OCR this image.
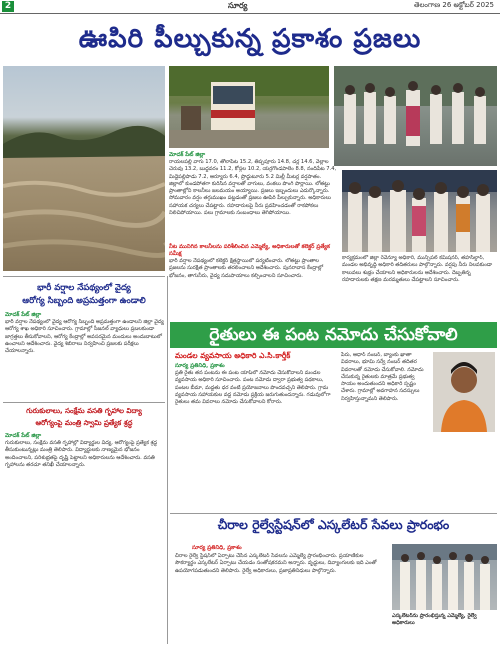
2	సూర్య	తెలంగాణ 26 అక్టోబర్ 2025
ఊపిరి పీల్చుకున్న ప్రకాశం ప్రజలు
మోదక్ పేట్ జిల్లా
రాయలపల్లి వాగు 17.0, తోలాపేట 15.2, తిప్పపూరు 14.8, చర్ల 14.6, వెల్లాల చెరువు 13.2, బుద్దవరం 11.2, కోస్గల 10.2, యర్రగొండపాలెం 8.8, నందిపేట 7.4, మిద్దెపల్లిపాడు 7.2, ఆర్యూరు 6.4, ప్రొద్దుటూరు 5.2 మిల్లీ మీటర్ల వర్షపాతం. జిల్లాలో కుండపోతగా కురిసిన వర్షాలతో వాగులు, వంకలు పొంగి పొర్లాయి. లోతట్టు ప్రాంతాల్లోని కాలనీలు జలమయం అయ్యాయి. ప్రజలు ఇబ్బందులు ఎదుర్కొన్నారు. సోమవారం వర్షం తగ్గుముఖం పట్టడంతో ప్రజలు ఊపిరి పీల్చుకున్నారు. అధికారులు సహాయక చర్యలు చేపట్టారు. రహదారులపై నీరు ప్రవహించడంతో రాకపోకలు నిలిచిపోయాయి. పలు గ్రామాలకు సంబంధాలు తెగిపోయాయి.
నీట మునిగిన కాలనీలను పరిశీలించిన ఎమ్మెల్యే, అధికారులతో కలెక్టర్ ప్రత్యేక సమీక్ష
భారీ వర్షాల నేపథ్యంలో కలెక్టర్ క్షేత్రస్థాయిలో పర్యటించారు. లోతట్టు ప్రాంతాల ప్రజలను సురక్షిత ప్రాంతాలకు తరలించాలని ఆదేశించారు. పునరావాస కేంద్రాల్లో భోజనం, తాగునీరు, వైద్య సదుపాయాలు కల్పించాలని సూచించారు.
కార్యక్రమంలో జిల్లా రెవెన్యూ అధికారి, మున్సిపల్ కమిషనర్, తహసీల్దార్, మండల అభివృద్ధి అధికారి తదితరులు పాల్గొన్నారు. వర్షపు నీరు నిలవకుండా కాలువలు శుభ్రం చేయాలని అధికారులను ఆదేశించారు. దెబ్బతిన్న రహదారులకు తక్షణ మరమ్మతులు చేపట్టాలని సూచించారు.
భారీ వర్షాల నేపథ్యంలో వైద్య
ఆరోగ్య సిబ్బంది అప్రమత్తంగా ఉండాలి
మోదక్ పేట్ జిల్లా
భారీ వర్షాల నేపథ్యంలో వైద్య ఆరోగ్య సిబ్బంది అప్రమత్తంగా ఉండాలని జిల్లా వైద్య ఆరోగ్య శాఖ అధికారి సూచించారు. గ్రామాల్లో సీజనల్ వ్యాధులు ప్రబలకుండా జాగ్రత్తలు తీసుకోవాలని, ఆరోగ్య కేంద్రాల్లో అవసరమైన మందులు అందుబాటులో ఉంచాలని ఆదేశించారు. వైద్య శిబిరాలు నిర్వహించి ప్రజలకు పరీక్షలు చేయాలన్నారు.
గురుకులాలు, సంక్షేమ వసతి గృహాల విద్యా
ఆరోగ్యంపై మంత్రి స్వామి ప్రత్యేక శ్రద్ధ
మోదక్ పేట్ జిల్లా
గురుకులాలు, సంక్షేమ వసతి గృహాల్లో విద్యార్థుల విద్య, ఆరోగ్యంపై ప్రత్యేక శ్రద్ధ తీసుకుంటున్నట్లు మంత్రి తెలిపారు. విద్యార్థులకు నాణ్యమైన భోజనం అందించాలని, పరిశుభ్రతపై దృష్టి పెట్టాలని అధికారులను ఆదేశించారు. వసతి గృహాలను తరచూ తనిఖీ చేయాలన్నారు.
రైతులు ఈ పంట నమోదు చేసుకోవాలి
మండల వ్యవసాయ అధికారి ఎ.సి.కార్తీక్
సూర్య ప్రతినిధి, ప్రకాశం
ప్రతి రైతు తన పంటను ఈ పంట యాప్‌లో నమోదు చేసుకోవాలని మండల వ్యవసాయ అధికారి సూచించారు. పంట నమోదు ద్వారా ప్రభుత్వ పథకాలు, పంటల బీమా, మద్దతు ధర వంటి ప్రయోజనాలు పొందవచ్చని తెలిపారు. గ్రామ వ్యవసాయ సహాయకుల వద్ద నమోదు ప్రక్రియ జరుగుతుందన్నారు. గడువులోగా రైతులు తమ వివరాలు నమోదు చేసుకోవాలని కోరారు.
పేరు, ఆధార్ నంబర్, బ్యాంకు ఖాతా వివరాలు, భూమి సర్వే నంబర్ తదితర వివరాలతో నమోదు చేసుకోవాలి. నమోదు చేసుకున్న రైతులకు మాత్రమే ప్రభుత్వ సాయం అందుతుందని అధికారి స్పష్టం చేశారు. గ్రామాల్లో అవగాహన సదస్సులు నిర్వహిస్తున్నామని తెలిపారు.
చీరాల రైల్వేస్టేషన్‌లో ఎస్కలేటర్ సేవలు ప్రారంభం
సూర్య ప్రతినిధి, ప్రకాశం
చీరాల రైల్వే స్టేషన్‌లో ఏర్పాటు చేసిన ఎస్కలేటర్ సేవలను ఎమ్మెల్యే ప్రారంభించారు. ప్రయాణికుల సౌకర్యార్థం ఎస్కలేటర్ ఏర్పాటు చేయడం సంతోషకరమని అన్నారు. వృద్ధులు, దివ్యాంగులకు ఇది ఎంతో ఉపయోగపడుతుందని తెలిపారు. రైల్వే అధికారులు, ప్రజాప్రతినిధులు పాల్గొన్నారు.
ఎస్కలేటర్‌ను ప్రారంభిస్తున్న ఎమ్మెల్యే, రైల్వే అధికారులు
